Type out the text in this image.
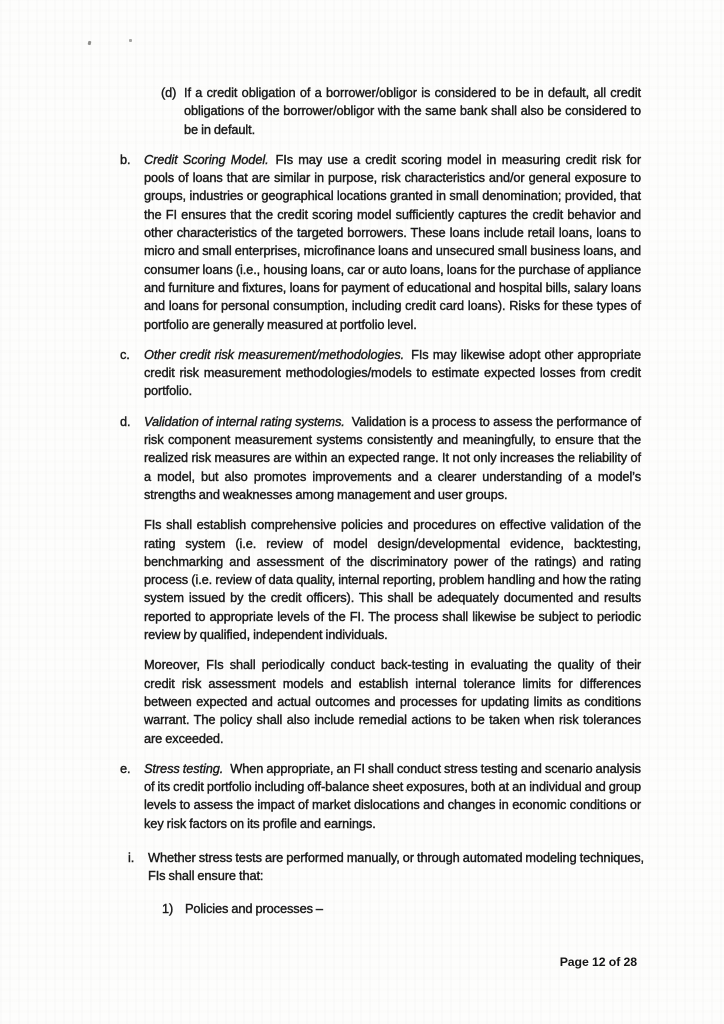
(d) If a credit obligation of a borrower/obligor is considered to be in default, all credit obligations of the borrower/obligor with the same bank shall also be considered to be in default.
b. Credit Scoring Model. FIs may use a credit scoring model in measuring credit risk for pools of loans that are similar in purpose, risk characteristics and/or general exposure to groups, industries or geographical locations granted in small denomination; provided, that the FI ensures that the credit scoring model sufficiently captures the credit behavior and other characteristics of the targeted borrowers. These loans include retail loans, loans to micro and small enterprises, microfinance loans and unsecured small business loans, and consumer loans (i.e., housing loans, car or auto loans, loans for the purchase of appliance and furniture and fixtures, loans for payment of educational and hospital bills, salary loans and loans for personal consumption, including credit card loans). Risks for these types of portfolio are generally measured at portfolio level.
c. Other credit risk measurement/methodologies. FIs may likewise adopt other appropriate credit risk measurement methodologies/models to estimate expected losses from credit portfolio.
d. Validation of internal rating systems. Validation is a process to assess the performance of risk component measurement systems consistently and meaningfully, to ensure that the realized risk measures are within an expected range. It not only increases the reliability of a model, but also promotes improvements and a clearer understanding of a model’s strengths and weaknesses among management and user groups.
FIs shall establish comprehensive policies and procedures on effective validation of the rating system (i.e. review of model design/developmental evidence, backtesting, benchmarking and assessment of the discriminatory power of the ratings) and rating process (i.e. review of data quality, internal reporting, problem handling and how the rating system issued by the credit officers). This shall be adequately documented and results reported to appropriate levels of the FI. The process shall likewise be subject to periodic review by qualified, independent individuals.
Moreover, FIs shall periodically conduct back-testing in evaluating the quality of their credit risk assessment models and establish internal tolerance limits for differences between expected and actual outcomes and processes for updating limits as conditions warrant. The policy shall also include remedial actions to be taken when risk tolerances are exceeded.
e. Stress testing. When appropriate, an FI shall conduct stress testing and scenario analysis of its credit portfolio including off-balance sheet exposures, both at an individual and group levels to assess the impact of market dislocations and changes in economic conditions or key risk factors on its profile and earnings.
i. Whether stress tests are performed manually, or through automated modeling techniques, FIs shall ensure that:
1) Policies and processes –
Page 12 of 28
